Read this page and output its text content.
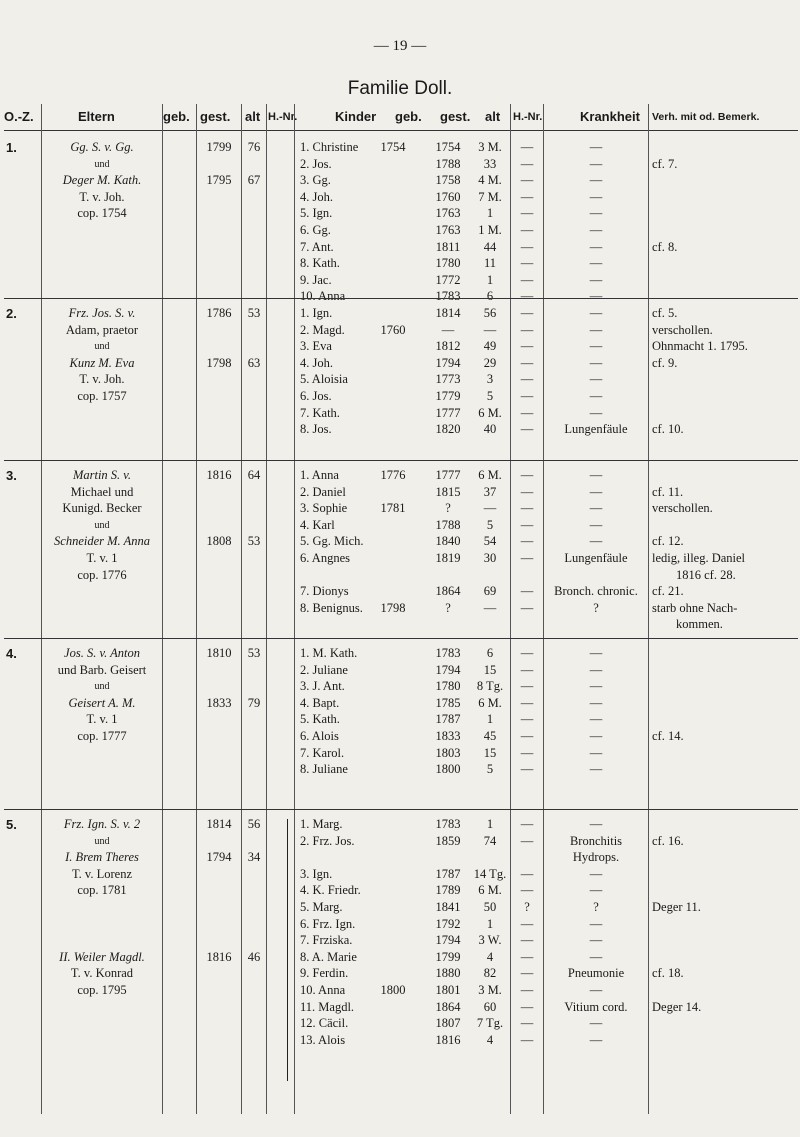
— 19 —
Familie Doll.
O.-Z.	Eltern	geb. gest. alt H.-Nr.	Kinder geb. gest. alt H.-Nr.	Krankheit Verh. mit od. Bemerk.
1.	Gg. S. v. Gg.	1799	76
und
Deger M. Kath.	1795	67
T. v. Joh.
cop. 1754
1. Christine	1754	1754	3 M.	—	—
2. Jos.	1788	33	—	—	cf. 7.
3. Gg.	1758	4 M.	—	—
4. Joh.	1760	7 M.	—	—
5. Ign.	1763	1	—	—
6. Gg.	1763	1 M.	—	—
7. Ant.	1811	44	—	—	cf. 8.
8. Kath.	1780	11	—	—
9. Jac.	1772	1	—	—
10. Anna	1783	6	—	—
2.	Frz. Jos. S. v.	1786	53
Adam, praetor
und
Kunz M. Eva	1798	63
T. v. Joh.
cop. 1757
1. Ign.	1814	56	—	—	cf. 5.
2. Magd.	1760	—	—	—	—	verschollen.
3. Eva	1812	49	—	—	Ohnmacht 1. 1795.
4. Joh.	1794	29	—	—	cf. 9.
5. Aloisia	1773	3	—	—
6. Jos.	1779	5	—	—
7. Kath.	1777	6 M.	—	—
8. Jos.	1820	40	—	Lungenfäule	cf. 10.
3.	Martin S. v.	1816	64
Michael und
Kunigd. Becker
und
Schneider M. Anna	1808	53
T. v. 1
cop. 1776
1. Anna	1776	1777	6 M.	—	—
2. Daniel	1815	37	—	—	cf. 11.
3. Sophie	1781	?	—	—	—	verschollen.
4. Karl	1788	5	—	—
5. Gg. Mich.	1840	54	—	—	cf. 12.
6. Angnes	1819	30	—	Lungenfäule	ledig, illeg. Daniel
1816 cf. 28.
7. Dionys	1864	69	—	Bronch. chronic.	cf. 21.
8. Benignus.	1798	?	—	—	?	starb ohne Nach-
kommen.
4.	Jos. S. v. Anton	1810	53
und Barb. Geisert
und
Geisert A. M.	1833	79
T. v. 1
cop. 1777
1. M. Kath.	1783	6	—	—
2. Juliane	1794	15	—	—
3. J. Ant.	1780	8 Tg.	—	—
4. Bapt.	1785	6 M.	—	—
5. Kath.	1787	1	—	—
6. Alois	1833	45	—	—	cf. 14.
7. Karol.	1803	15	—	—
8. Juliane	1800	5	—	—
5.	Frz. Ign. S. v. 2	1814	56
und
I. Brem Theres	1794	34
T. v. Lorenz
cop. 1781
II. Weiler Magdl.	1816	46
T. v. Konrad
cop. 1795
1. Marg.	1783	1	—	—
2. Frz. Jos.	1859	74	—	Bronchitis	cf. 16.
Hydrops.
3. Ign.	1787	14 Tg.	—	—
4. K. Friedr.	1789	6 M.	—	—
5. Marg.	1841	50	?	?	Deger 11.
6. Frz. Ign.	1792	1	—	—
7. Frziska.	1794	3 W.	—	—
8. A. Marie	1799	4	—	—
9. Ferdin.	1880	82	—	Pneumonie	cf. 18.
10. Anna	1800	1801	3 M.	—	—
11. Magdl.	1864	60	—	Vitium cord.	Deger 14.
12. Cäcil.	1807	7 Tg.	—	—
13. Alois	1816	4	—	—
